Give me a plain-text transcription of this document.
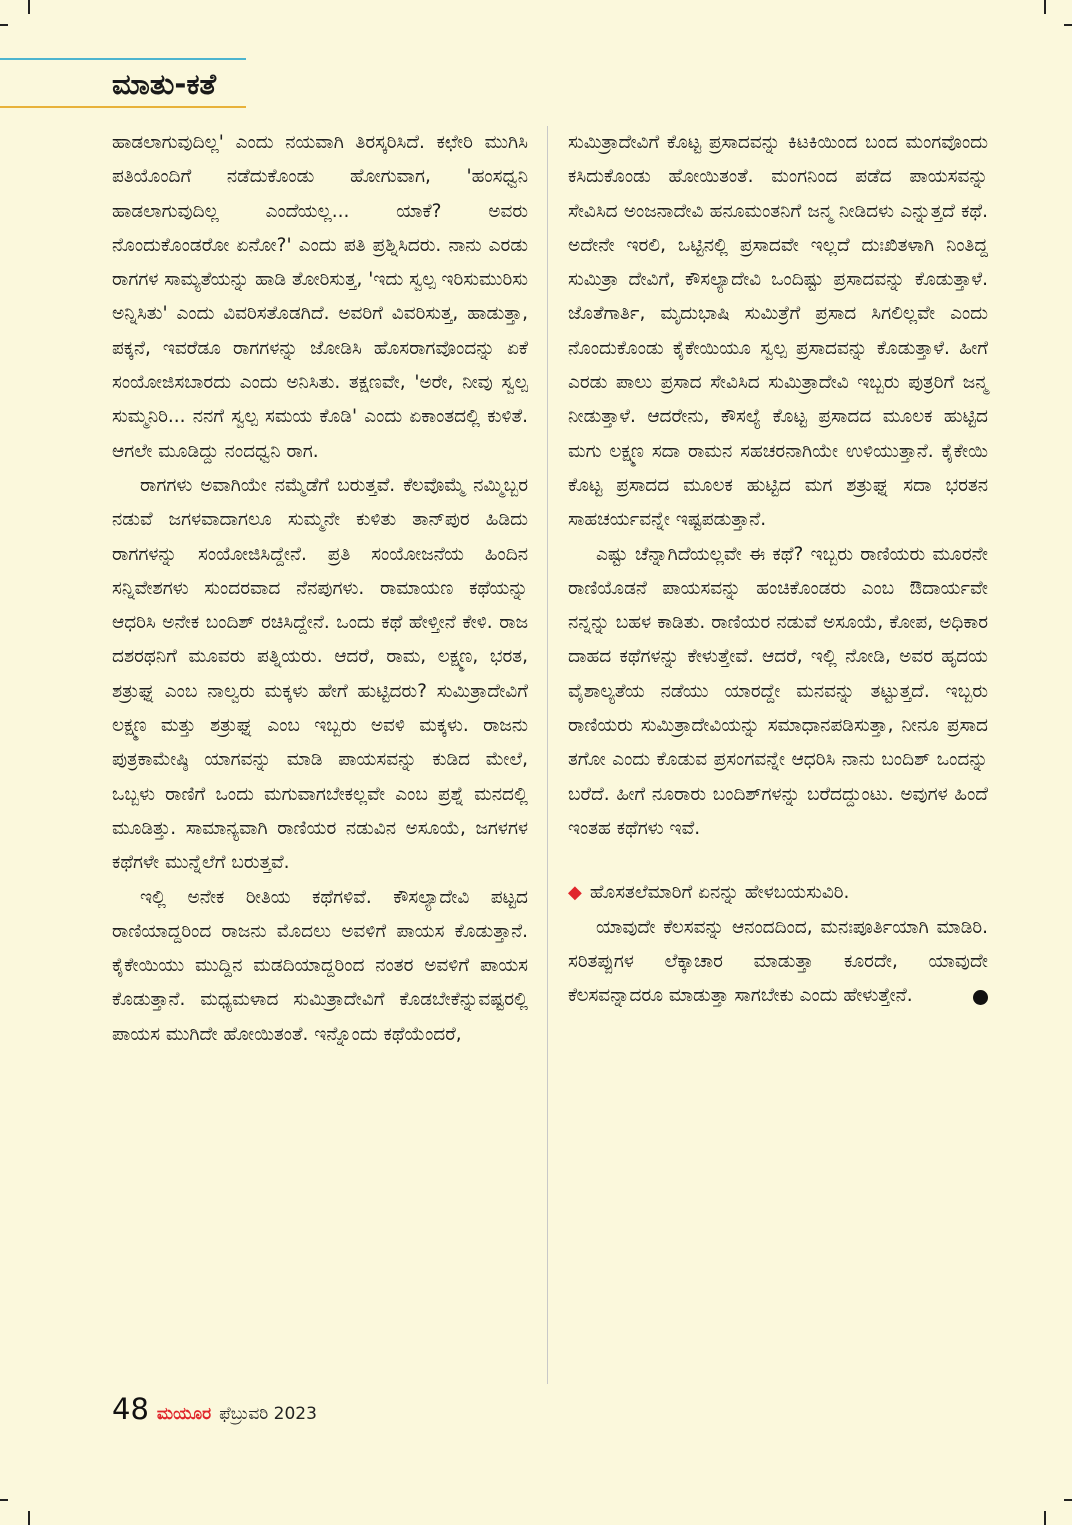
ಮಾತು-ಕತೆ

ಹಾಡಲಾಗುವುದಿಲ್ಲ' ಎಂದು ನಯವಾಗಿ ತಿರಸ್ಕರಿಸಿದೆ. ಕಛೇರಿ ಮುಗಿಸಿ ಪತಿಯೊಂದಿಗೆ ನಡೆದುಕೊಂಡು ಹೋಗುವಾಗ, 'ಹಂಸಧ್ವನಿ ಹಾಡಲಾಗುವುದಿಲ್ಲ ಎಂದೆಯಲ್ಲ... ಯಾಕೆ? ಅವರು ನೊಂದುಕೊಂಡರೋ ಏನೋ?' ಎಂದು ಪತಿ ಪ್ರಶ್ನಿಸಿದರು. ನಾನು ಎರಡು ರಾಗಗಳ ಸಾಮ್ಯತೆಯನ್ನು ಹಾಡಿ ತೋರಿಸುತ್ತ, 'ಇದು ಸ್ವಲ್ಪ ಇರಿಸುಮುರಿಸು ಅನ್ನಿಸಿತು' ಎಂದು ವಿವರಿಸತೊಡಗಿದೆ. ಅವರಿಗೆ ವಿವರಿಸುತ್ತ, ಹಾಡುತ್ತಾ, ಪಕ್ಕನೆ, ಇವರೆಡೂ ರಾಗಗಳನ್ನು ಜೋಡಿಸಿ ಹೊಸರಾಗವೊಂದನ್ನು ಏಕೆ ಸಂಯೋಜಿಸಬಾರದು ಎಂದು ಅನಿಸಿತು. ತಕ್ಷಣವೇ, 'ಅರೇ, ನೀವು ಸ್ವಲ್ಪ ಸುಮ್ಮನಿರಿ... ನನಗೆ ಸ್ವಲ್ಪ ಸಮಯ ಕೊಡಿ' ಎಂದು ಏಕಾಂತದಲ್ಲಿ ಕುಳಿತೆ. ಆಗಲೇ ಮೂಡಿದ್ದು ನಂದಧ್ವನಿ ರಾಗ.

ರಾಗಗಳು ಅವಾಗಿಯೇ ನಮ್ಮೆಡೆಗೆ ಬರುತ್ತವೆ. ಕೆಲವೊಮ್ಮೆ ನಮ್ಮಿಬ್ಬರ ನಡುವೆ ಜಗಳವಾದಾಗಲೂ ಸುಮ್ಮನೇ ಕುಳಿತು ತಾನ್‌ಪುರ ಹಿಡಿದು ರಾಗಗಳನ್ನು ಸಂಯೋಜಿಸಿದ್ದೇನೆ. ಪ್ರತಿ ಸಂಯೋಜನೆಯ ಹಿಂದಿನ ಸನ್ನಿವೇಶಗಳು ಸುಂದರವಾದ ನೆನಪುಗಳು. ರಾಮಾಯಣ ಕಥೆಯನ್ನು ಆಧರಿಸಿ ಅನೇಕ ಬಂದಿಶ್ ರಚಿಸಿದ್ದೇನೆ. ಒಂದು ಕಥೆ ಹೇಳ್ತೀನೆ ಕೇಳಿ. ರಾಜ ದಶರಥನಿಗೆ ಮೂವರು ಪತ್ನಿಯರು. ಆದರೆ, ರಾಮ, ಲಕ್ಷ್ಮಣ, ಭರತ, ಶತ್ರುಘ್ನ ಎಂಬ ನಾಲ್ವರು ಮಕ್ಕಳು ಹೇಗೆ ಹುಟ್ಟಿದರು? ಸುಮಿತ್ರಾದೇವಿಗೆ ಲಕ್ಷ್ಮಣ ಮತ್ತು ಶತ್ರುಘ್ನ ಎಂಬ ಇಬ್ಬರು ಅವಳಿ ಮಕ್ಕಳು. ರಾಜನು ಪುತ್ರಕಾಮೇಷ್ಠಿ ಯಾಗವನ್ನು ಮಾಡಿ ಪಾಯಸವನ್ನು ಕುಡಿದ ಮೇಲೆ, ಒಬ್ಬಳು ರಾಣಿಗೆ ಒಂದು ಮಗುವಾಗಬೇಕಲ್ಲವೇ ಎಂಬ ಪ್ರಶ್ನೆ ಮನದಲ್ಲಿ ಮೂಡಿತ್ತು. ಸಾಮಾನ್ಯವಾಗಿ ರಾಣಿಯರ ನಡುವಿನ ಅಸೂಯೆ, ಜಗಳಗಳ ಕಥೆಗಳೇ ಮುನ್ನೆಲೆಗೆ ಬರುತ್ತವೆ.

ಇಲ್ಲಿ ಅನೇಕ ರೀತಿಯ ಕಥೆಗಳಿವೆ. ಕೌಸಲ್ಯಾದೇವಿ ಪಟ್ಟದ ರಾಣಿಯಾದ್ದರಿಂದ ರಾಜನು ಮೊದಲು ಅವಳಿಗೆ ಪಾಯಸ ಕೊಡುತ್ತಾನೆ. ಕೈಕೇಯಿಯು ಮುದ್ದಿನ ಮಡದಿಯಾದ್ದರಿಂದ ನಂತರ ಅವಳಿಗೆ ಪಾಯಸ ಕೊಡುತ್ತಾನೆ. ಮಧ್ಯಮಳಾದ ಸುಮಿತ್ರಾದೇವಿಗೆ ಕೊಡಬೇಕೆನ್ನುವಷ್ಟರಲ್ಲಿ ಪಾಯಸ ಮುಗಿದೇ ಹೋಯಿತಂತೆ. ಇನ್ನೊಂದು ಕಥೆಯೆಂದರೆ,

ಸುಮಿತ್ರಾದೇವಿಗೆ ಕೊಟ್ಟ ಪ್ರಸಾದವನ್ನು ಕಿಟಕಿಯಿಂದ ಬಂದ ಮಂಗವೊಂದು ಕಸಿದುಕೊಂಡು ಹೋಯಿತಂತೆ. ಮಂಗನಿಂದ ಪಡೆದ ಪಾಯಸವನ್ನು ಸೇವಿಸಿದ ಅಂಜನಾದೇವಿ ಹನೂಮಂತನಿಗೆ ಜನ್ಮ ನೀಡಿದಳು ಎನ್ನುತ್ತದೆ ಕಥೆ. ಅದೇನೇ ಇರಲಿ, ಒಟ್ಟಿನಲ್ಲಿ ಪ್ರಸಾದವೇ ಇಲ್ಲದೆ ದುಃಖಿತಳಾಗಿ ನಿಂತಿದ್ದ ಸುಮಿತ್ರಾ ದೇವಿಗೆ, ಕೌಸಲ್ಯಾದೇವಿ ಒಂದಿಷ್ಟು ಪ್ರಸಾದವನ್ನು ಕೊಡುತ್ತಾಳೆ. ಜೊತೆಗಾರ್ತಿ, ಮೃದುಭಾಷಿ ಸುಮಿತ್ರೆಗೆ ಪ್ರಸಾದ ಸಿಗಲಿಲ್ಲವೇ ಎಂದು ನೊಂದುಕೊಂಡು ಕೈಕೇಯಿಯೂ ಸ್ವಲ್ಪ ಪ್ರಸಾದವನ್ನು ಕೊಡುತ್ತಾಳೆ. ಹೀಗೆ ಎರಡು ಪಾಲು ಪ್ರಸಾದ ಸೇವಿಸಿದ ಸುಮಿತ್ರಾದೇವಿ ಇಬ್ಬರು ಪುತ್ರರಿಗೆ ಜನ್ಮ ನೀಡುತ್ತಾಳೆ. ಆದರೇನು, ಕೌಸಲ್ಯೆ ಕೊಟ್ಟ ಪ್ರಸಾದದ ಮೂಲಕ ಹುಟ್ಟಿದ ಮಗು ಲಕ್ಷ್ಮಣ ಸದಾ ರಾಮನ ಸಹಚರನಾಗಿಯೇ ಉಳಿಯುತ್ತಾನೆ. ಕೈಕೇಯಿ ಕೊಟ್ಟ ಪ್ರಸಾದದ ಮೂಲಕ ಹುಟ್ಟಿದ ಮಗ ಶತ್ರುಘ್ನ ಸದಾ ಭರತನ ಸಾಹಚರ್ಯವನ್ನೇ ಇಷ್ಟಪಡುತ್ತಾನೆ.

ಎಷ್ಟು ಚೆನ್ನಾಗಿದೆಯಲ್ಲವೇ ಈ ಕಥೆ? ಇಬ್ಬರು ರಾಣಿಯರು ಮೂರನೇ ರಾಣಿಯೊಡನೆ ಪಾಯಸವನ್ನು ಹಂಚಿಕೊಂಡರು ಎಂಬ ಔದಾರ್ಯವೇ ನನ್ನನ್ನು ಬಹಳ ಕಾಡಿತು. ರಾಣಿಯರ ನಡುವೆ ಅಸೂಯೆ, ಕೋಪ, ಅಧಿಕಾರ ದಾಹದ ಕಥೆಗಳನ್ನು ಕೇಳುತ್ತೇವೆ. ಆದರೆ, ಇಲ್ಲಿ ನೋಡಿ, ಅವರ ಹೃದಯ ವೈಶಾಲ್ಯತೆಯ ನಡೆಯು ಯಾರದ್ದೇ ಮನವನ್ನು ತಟ್ಟುತ್ತದೆ. ಇಬ್ಬರು ರಾಣಿಯರು ಸುಮಿತ್ರಾದೇವಿಯನ್ನು ಸಮಾಧಾನಪಡಿಸುತ್ತಾ, ನೀನೂ ಪ್ರಸಾದ ತಗೋ ಎಂದು ಕೊಡುವ ಪ್ರಸಂಗವನ್ನೇ ಆಧರಿಸಿ ನಾನು ಬಂದಿಶ್ ಒಂದನ್ನು ಬರೆದೆ. ಹೀಗೆ ನೂರಾರು ಬಂದಿಶ್‌ಗಳನ್ನು ಬರೆದದ್ದುಂಟು. ಅವುಗಳ ಹಿಂದೆ ಇಂತಹ ಕಥೆಗಳು ಇವೆ.

◆ ಹೊಸತಲೆಮಾರಿಗೆ ಏನನ್ನು ಹೇಳಬಯಸುವಿರಿ.

ಯಾವುದೇ ಕೆಲಸವನ್ನು ಆನಂದದಿಂದ, ಮನಃಪೂರ್ತಿಯಾಗಿ ಮಾಡಿರಿ. ಸರಿತಪ್ಪುಗಳ ಲೆಕ್ಕಾಚಾರ ಮಾಡುತ್ತಾ ಕೂರದೇ, ಯಾವುದೇ ಕೆಲಸವನ್ನಾದರೂ ಮಾಡುತ್ತಾ ಸಾಗಬೇಕು ಎಂದು ಹೇಳುತ್ತೇನೆ.

48 ಮಯೂರ ಫೆಬ್ರುವರಿ 2023
